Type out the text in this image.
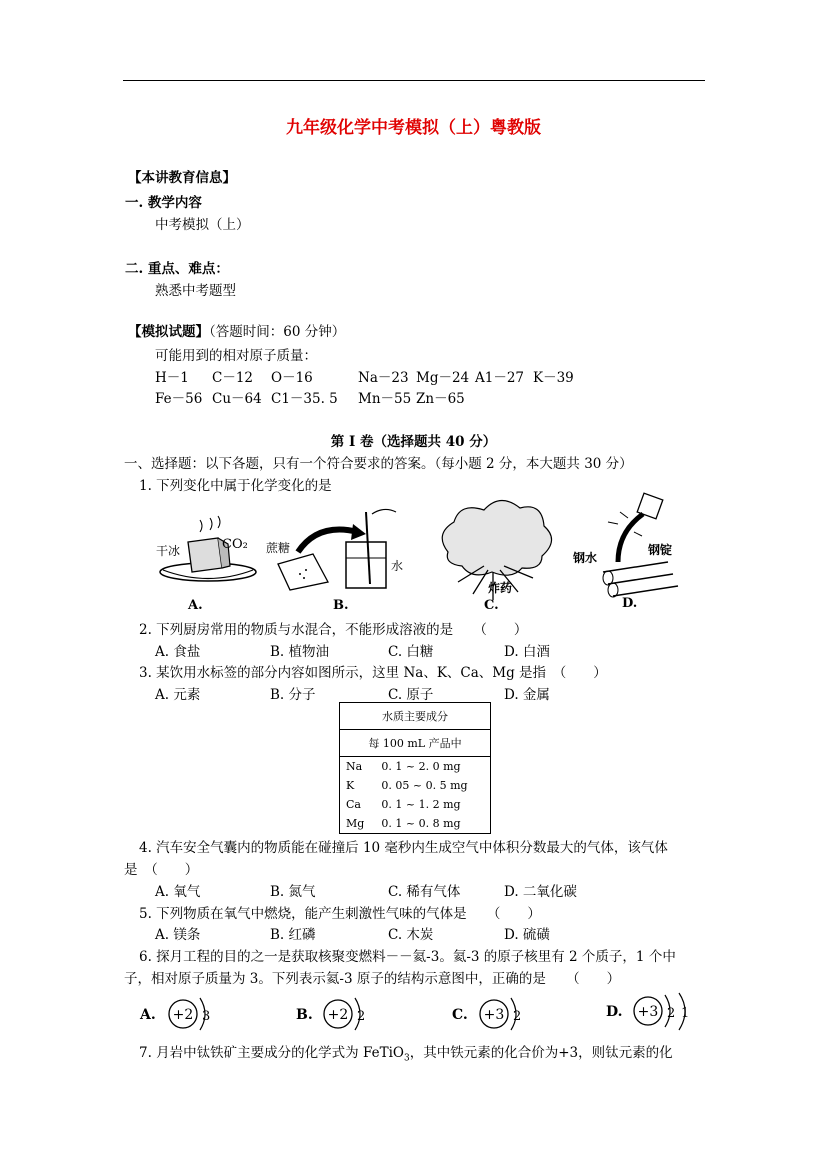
九年级化学中考模拟（上）粤教版
【本讲教育信息】
一. 教学内容
中考模拟（上）
二. 重点、难点：
熟悉中考题型
【模拟试题】（答题时间：60 分钟）
可能用到的相对原子质量：
H－1 C－12 O－16	Na－23 Mg－24 A1－27 K－39
Fe－56 Cu－64 C1－35. 5 Mn－55 Zn－65
第 I 卷（选择题共 40 分）
一、选择题：以下各题，只有一个符合要求的答案。（每小题 2 分，本大题共 30 分）
1. 下列变化中属于化学变化的是
干冰	CO₂ 蔗糖
水
炸药
钢水
钢锭
A.	B.	C.	D.
2. 下列厨房常用的物质与水混合，不能形成溶液的是　　（　　）
A. 食盐	B. 植物油	C. 白糖	D. 白酒
3. 某饮用水标签的部分内容如图所示，这里 Na、K、Ca、Mg 是指　（　　）
A. 元素	B. 分子	C. 原子	D. 金属
水质主要成分	
每 100 mL 产品中	
Na	0. 1 ~ 2. 0 mg
K	0. 05 ~ 0. 5 mg
Ca	0. 1 ~ 1. 2 mg
Mg	0. 1 ~ 0. 8 mg
4. 汽车安全气囊内的物质能在碰撞后 10 毫秒内生成空气中体积分数最大的气体，该气体
是　（　　）
A. 氧气	B. 氮气	C. 稀有气体	D. 二氧化碳
5. 下列物质在氧气中燃烧，能产生刺激性气味的气体是　　（　　）
A. 镁条	B. 红磷	C. 木炭	D. 硫磺
6. 探月工程的目的之一是获取核聚变燃料－－氦-3。氦-3 的原子核里有 2 个质子，1 个中
子，相对原子质量为 3。下列表示氦-3 原子的结构示意图中，正确的是　　（　　）
A. +2 3	B. +2 2	C. +3 2	D. +3 2 1
7. 月岩中钛铁矿主要成分的化学式为 FeTiO$_3$，其中铁元素的化合价为+3，则钛元素的化
